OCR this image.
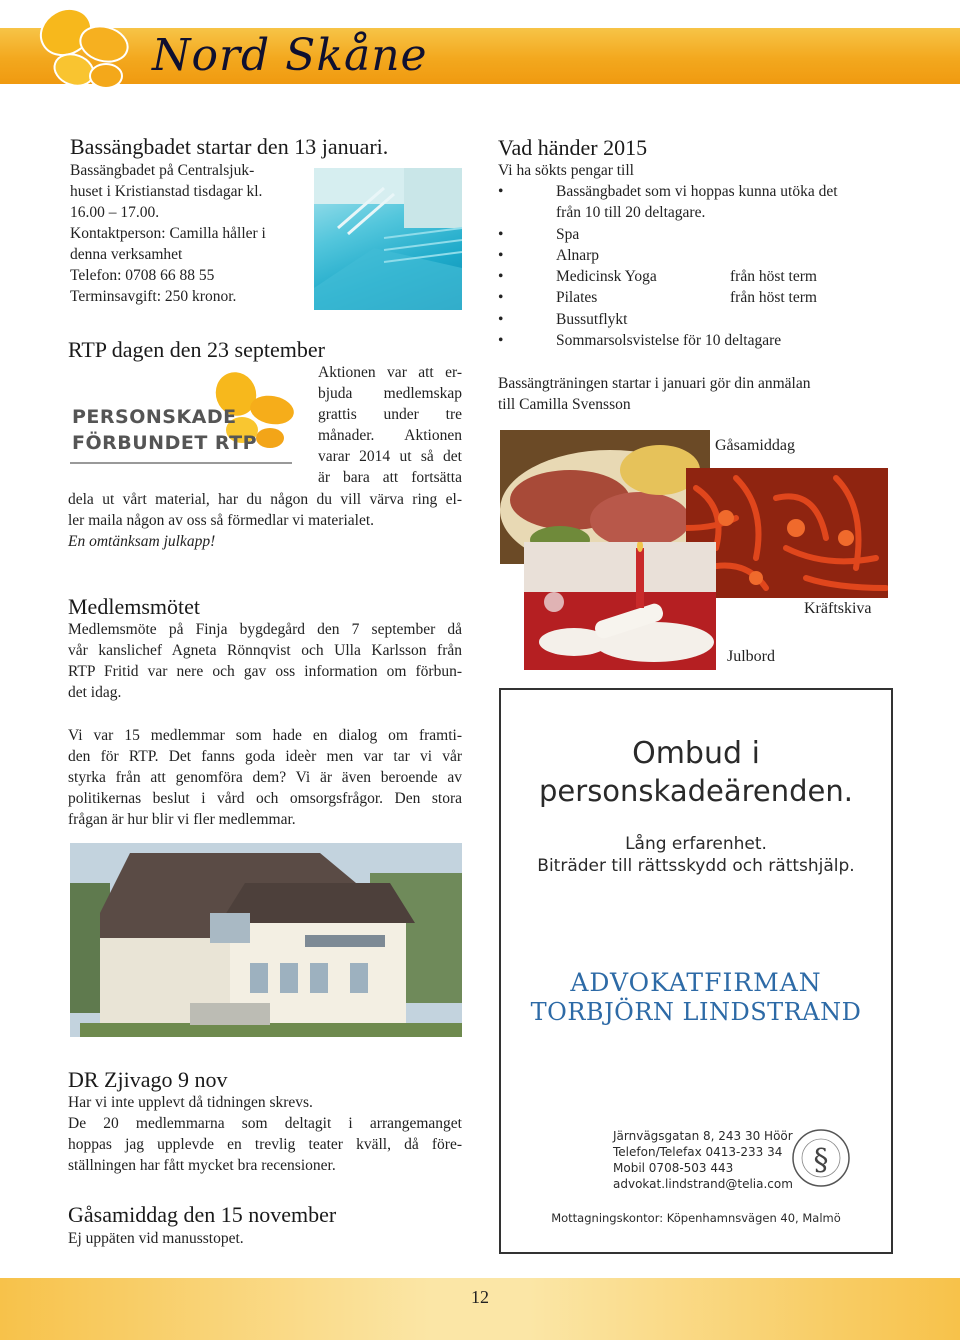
Nord Skåne
Bassängbadet startar den 13 januari.

Bassängbadet på Centralsjuk-

huset i Kristianstad tisdagar kl.

16.00 – 17.00.

Kontaktperson: Camilla håller i

denna verksamhet

Telefon: 0708 66 88 55

Terminsavgift: 250 kronor.

RTP dagen den 23 september
PERSONSKADE
FÖRBUNDET RTP

Aktionen var att er-

bjuda medlemskap

grattis under tre

månader. Aktionen

varar 2014 ut så det

är bara att fortsätta

dela ut vårt material, har du någon du vill värva ring el-

ler maila någon av oss så förmedlar vi materialet.

En omtänksam julkapp!

Medlemsmötet

Medlemsmöte på Finja bygdegård den 7 september då

vår kanslichef Agneta Rönnqvist och Ulla Karlsson från

RTP Fritid var nere och gav oss information om förbun-

det idag.

Vi var 15 medlemmar som hade en dialog om framti-

den för RTP. Det fanns goda ideèr men var tar vi vår

styrka från att genomföra dem? Vi är även beroende av

politikernas beslut i vård och omsorgsfrågor. Den stora

frågan är hur blir vi fler medlemmar.

DR Zjivago 9 nov

Har vi inte upplevt då tidningen skrevs.

De 20 medlemmarna som deltagit i arrangemanget

hoppas jag upplevde en trevlig teater kväll, då före-

ställningen har fått mycket bra recensioner.

Gåsamiddag den 15 november

Ej uppäten vid manusstopet.

Vad händer 2015

Vi ha sökts pengar till

•	Bassängbadet som vi hoppas kunna utöka det
från 10 till 20 deltagare.
•	Spa
•	Alnarp
•	Medicinsk Yoga	från höst term
•	Pilates	från höst term
•	Bussutflykt
•	Sommarsolsvistelse för 10 deltagare

Bassängträningen startar i januari gör din anmälan

till Camilla Svensson

Gåsamiddag
Kräftskiva
Julbord
Ombud i
personskadeärenden.
Lång erfarenhet.
Biträder till rättsskydd och rättshjälp.
ADVOKATFIRMAN
TORBJÖRN LINDSTRAND
Järnvägsgatan 8, 243 30 Höör
Telefon/Telefax 0413-233 34
Mobil 0708-503 443
advokat.lindstrand@telia.com
§
Mottagningskontor: Köpenhamnsvägen 40, Malmö
12
